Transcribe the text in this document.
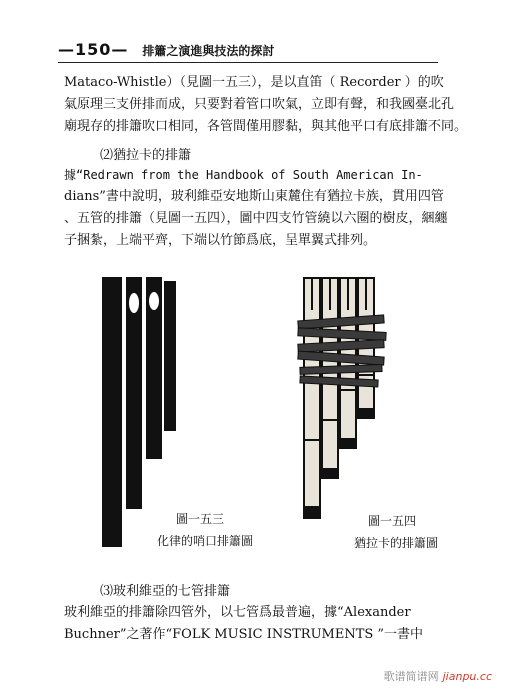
—150— 排簫之演進與技法的探討

Mataco-Whistle）（見圖一五三），是以直笛（ Recorder ）的吹
氣原理三支併排而成，只要對着管口吹氣，立即有聲，和我國臺北孔
廟現存的排簫吹口相同，各管間僅用膠黏，與其他平口有底排簫不同。

⑵猶拉卡的排簫

據“Redrawn from the Handbook of South American In-
dians”書中說明，玻利維亞安地斯山東麓住有猶拉卡族，貫用四管
、五管的排簫（見圖一五四），圖中四支竹管繞以六圈的樹皮，綑纏
子捆紮，上端平齊，下端以竹節爲底，呈單翼式排列。

圖一五三
化律的哨口排簫圖
圖一五四
猶拉卡的排簫圖
⑶玻利維亞的七管排簫

玻利維亞的排簫除四管外，以七管爲最普遍，據“Alexander
Buchner”之著作“FOLK MUSIC INSTRUMENTS ”一書中

歌谱简谱网 jianpu.cc
